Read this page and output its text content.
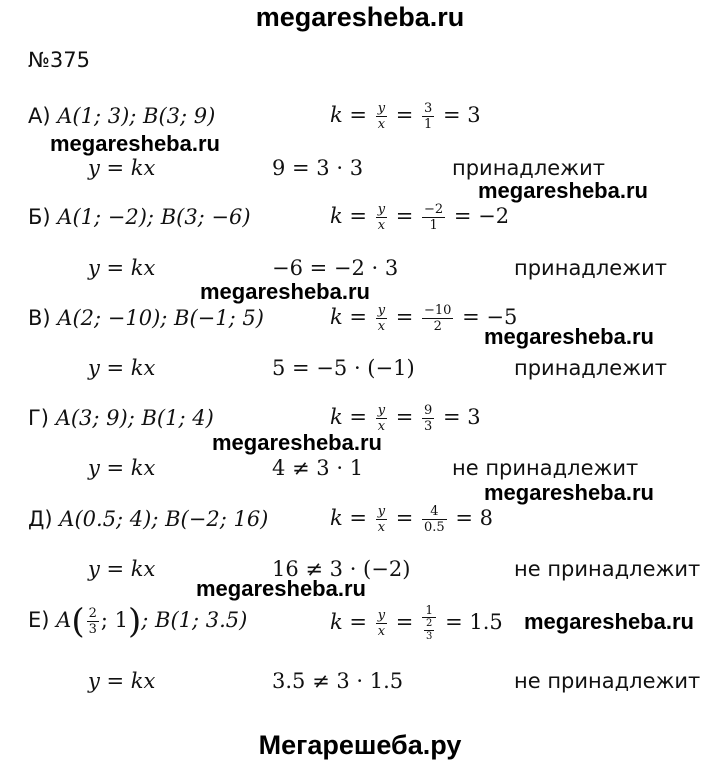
megaresheba.ru
№375
А) A(1; 3); B(3; 9)	$k = \frac{y}{x} = \frac{3}{1} = 3$
megaresheba.ru
y = kx	9 = 3 · 3	принадлежит
megaresheba.ru
Б) A(1; −2); B(3; −6)	$k = \frac{y}{x} = \frac{-2}{1} = -2$
y = kx	−6 = −2 · 3	принадлежит
megaresheba.ru
В) A(2; −10); B(−1; 5)	$k = \frac{y}{x} = \frac{-10}{2} = -5$
megaresheba.ru
y = kx	5 = −5 · (−1)	принадлежит
Г) A(3; 9); B(1; 4)	$k = \frac{y}{x} = \frac{9}{3} = 3$
megaresheba.ru
y = kx	4 ≠ 3 · 1	не принадлежит
megaresheba.ru
Д) A(0.5; 4); B(−2; 16)	$k = \frac{y}{x} = \frac{4}{0.5} = 8$
y = kx	16 ≠ 3 · (−2)	не принадлежит
megaresheba.ru
Е) $A( \frac{2}{3}$ ; 1); B(1; 3.5)	$k = \frac{y}{x} = \frac{1}{\frac{2}{3}} = 1.5$ megaresheba.ru
y = kx	3.5 ≠ 3 · 1.5	не принадлежит
Мегарешеба.ру
